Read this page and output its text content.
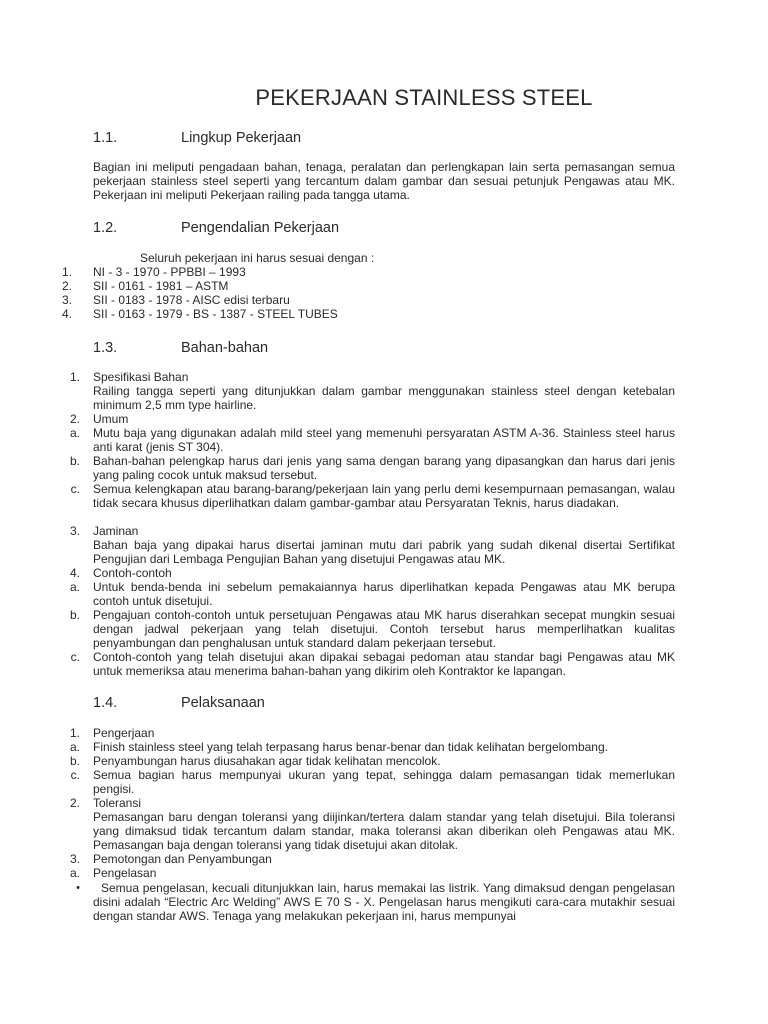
PEKERJAAN STAINLESS STEEL
1.1.	Lingkup Pekerjaan

Bagian ini meliputi pengadaan bahan, tenaga, peralatan dan perlengkapan lain serta pemasangan semua pekerjaan stainless steel seperti yang tercantum dalam gambar dan sesuai petunjuk Pengawas atau MK. Pekerjaan ini meliputi Pekerjaan railing pada tangga utama.

1.2.	Pengendalian Pekerjaan
Seluruh pekerjaan ini harus sesuai dengan :
1. NI - 3 - 1970 - PPBBI – 1993
2. SII - 0161 - 1981 – ASTM
3. SII - 0183 - 1978 - AISC edisi terbaru
4. SII - 0163 - 1979 - BS - 1387 - STEEL TUBES
1.3.	Bahan-bahan
1. Spesifikasi Bahan
Railing tangga seperti yang ditunjukkan dalam gambar menggunakan stainless steel dengan ketebalan minimum 2,5 mm type hairline.
2. Umum
a. Mutu baja yang digunakan adalah mild steel yang memenuhi persyaratan ASTM A-36. Stainless steel harus anti karat (jenis ST 304).
b. Bahan-bahan pelengkap harus dari jenis yang sama dengan barang yang dipasangkan dan harus dari jenis yang paling cocok untuk maksud tersebut.
c. Semua kelengkapan atau barang-barang/pekerjaan lain yang perlu demi kesempurnaan pemasangan, walau tidak secara khusus diperlihatkan dalam gambar-gambar atau Persyaratan Teknis, harus diadakan.
3. Jaminan
Bahan baja yang dipakai harus disertai jaminan mutu dari pabrik yang sudah dikenal disertai Sertifikat Pengujian dari Lembaga Pengujian Bahan yang disetujui Pengawas atau MK.
4. Contoh-contoh
a. Untuk benda-benda ini sebelum pemakaiannya harus diperlihatkan kepada Pengawas atau MK berupa contoh untuk disetujui.
b. Pengajuan contoh-contoh untuk persetujuan Pengawas atau MK harus diserahkan secepat mungkin sesuai dengan jadwal pekerjaan yang telah disetujui. Contoh tersebut harus memperlihatkan kualitas penyambungan dan penghalusan untuk standard dalam pekerjaan tersebut.
c. Contoh-contoh yang telah disetujui akan dipakai sebagai pedoman atau standar bagi Pengawas atau MK untuk memeriksa atau menerima bahan-bahan yang dikirim oleh Kontraktor ke lapangan.
1.4.	Pelaksanaan
1. Pengerjaan
a. Finish stainless steel yang telah terpasang harus benar-benar dan tidak kelihatan bergelombang.
b. Penyambungan harus diusahakan agar tidak kelihatan mencolok.
c. Semua bagian harus mempunyai ukuran yang tepat, sehingga dalam pemasangan tidak memerlukan pengisi.
2. Toleransi
Pemasangan baru dengan toleransi yang diijinkan/tertera dalam standar yang telah disetujui. Bila toleransi yang dimaksud tidak tercantum dalam standar, maka toleransi akan diberikan oleh Pengawas atau MK. Pemasangan baja dengan toleransi yang tidak disetujui akan ditolak.
3. Pemotongan dan Penyambungan
a. Pengelasan
•	Semua pengelasan, kecuali ditunjukkan lain, harus memakai las listrik. Yang dimaksud dengan pengelasan disini adalah “Electric Arc Welding” AWS E 70 S - X. Pengelasan harus mengikuti cara-cara mutakhir sesuai dengan standar AWS. Tenaga yang melakukan pekerjaan ini, harus mempunyai
